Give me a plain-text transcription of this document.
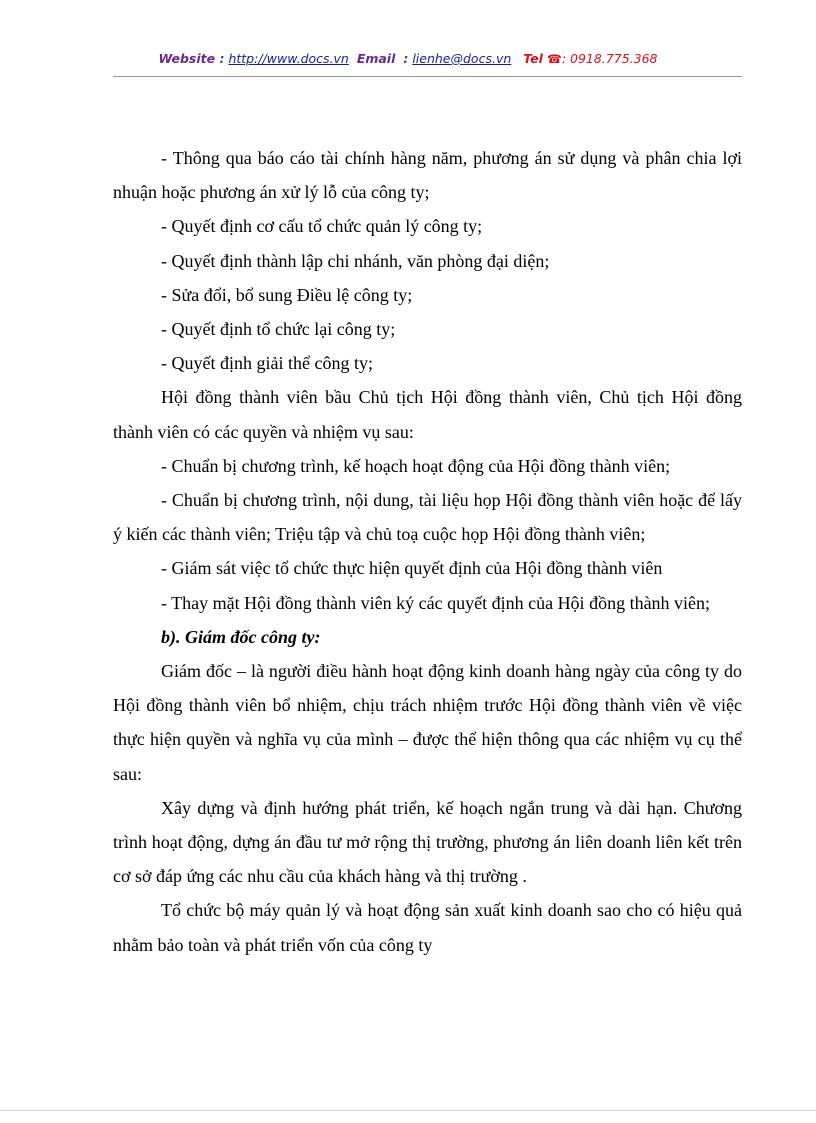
Website : http://www.docs.vn Email : lienhe@docs.vn Tel ☎: 0918.775.368

- Thông qua báo cáo tài chính hàng năm, phương án sử dụng và phân chia lợi nhuận hoặc phương án xử lý lỗ của công ty;

- Quyết định cơ cấu tổ chức quản lý công ty;

- Quyết định thành lập chi nhánh, văn phòng đại diện;

- Sửa đổi, bổ sung Điều lệ công ty;

- Quyết định tổ chức lại công ty;

- Quyết định giải thể công ty;

Hội đồng thành viên bầu Chủ tịch Hội đồng thành viên, Chủ tịch Hội đồng thành viên có các quyền và nhiệm vụ sau:

- Chuẩn bị chương trình, kế hoạch hoạt động của Hội đồng thành viên;

- Chuẩn bị chương trình, nội dung, tài liệu họp Hội đồng thành viên hoặc để lấy ý kiến các thành viên; Triệu tập và chủ toạ cuộc họp Hội đồng thành viên;

- Giám sát việc tổ chức thực hiện quyết định của Hội đồng thành viên

- Thay mặt Hội đồng thành viên ký các quyết định của Hội đồng thành viên;

b). Giám đốc công ty:

Giám đốc – là người điều hành hoạt động kinh doanh hàng ngày của công ty do Hội đồng thành viên bổ nhiệm, chịu trách nhiệm trước Hội đồng thành viên về việc thực hiện quyền và nghĩa vụ của mình – được thể hiện thông qua các nhiệm vụ cụ thể sau:

Xây dựng và định hướng phát triển, kế hoạch ngắn trung và dài hạn. Chương trình hoạt động, dựng án đầu tư mở rộng thị trường, phương án liên doanh liên kết trên cơ sở đáp ứng các nhu cầu của khách hàng và thị trường .

Tổ chức bộ máy quản lý và hoạt động sản xuất kinh doanh sao cho có hiệu quả nhằm bảo toàn và phát triển vốn của công ty
